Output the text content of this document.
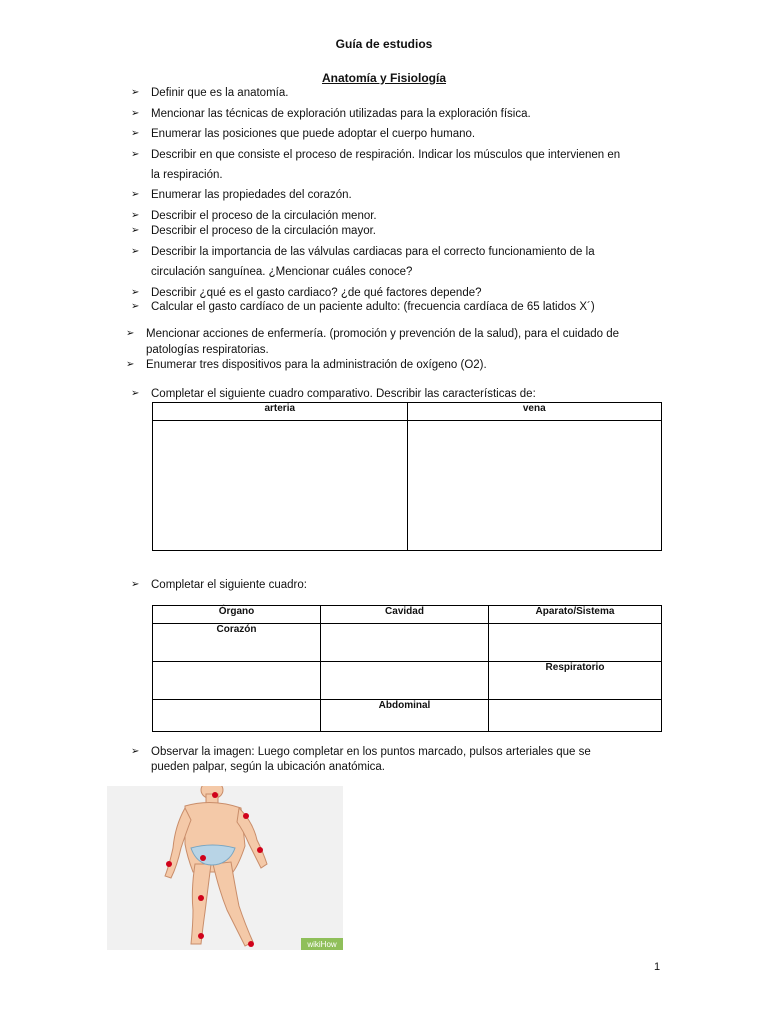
Guía de estudios
Anatomía y Fisiología
➢ Definir que es la anatomía.
➢ Mencionar las técnicas de exploración utilizadas para la exploración física.
➢ Enumerar las posiciones que puede adoptar el cuerpo humano.
➢ Describir en que consiste el proceso de respiración. Indicar los músculos que intervienen en
la respiración.
➢ Enumerar las propiedades del corazón.
➢ Describir el proceso de la circulación menor.
➢ Describir el proceso de la circulación mayor.
➢ Describir la importancia de las válvulas cardiacas para el correcto funcionamiento de la
circulación sanguínea. ¿Mencionar cuáles conoce?
➢ Describir ¿qué es el gasto cardiaco? ¿de qué factores depende?
➢ Calcular el gasto cardíaco de un paciente adulto: (frecuencia cardíaca de 65 latidos X´)
➢ Mencionar acciones de enfermería. (promoción y prevención de la salud), para el cuidado de
patologías respiratorias.
➢ Enumerar tres dispositivos para la administración de oxígeno (O2).
➢ Completar el siguiente cuadro comparativo. Describir las características de:
arteria	vena

➢ Completar el siguiente cuadro:
Órgano	Cavidad	Aparato/Sistema
Corazón		
		Respiratorio
	Abdominal	
➢ Observar la imagen: Luego completar en los puntos marcado, pulsos arteriales que se
pueden palpar, según la ubicación anatómica.
wikiHow
1
